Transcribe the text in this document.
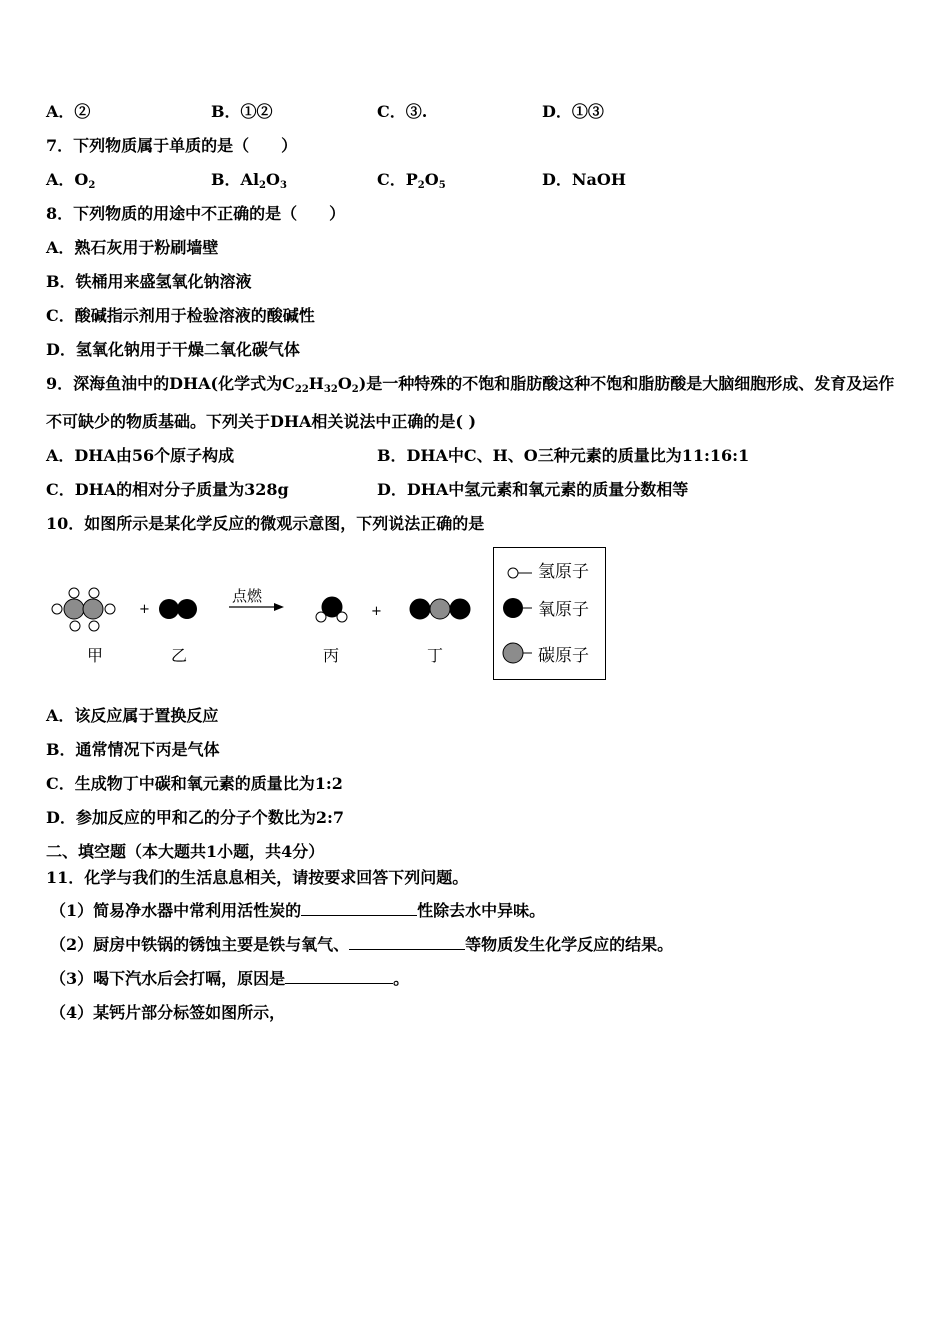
A．②	B．①②	C．③.	D．①③
7．下列物质属于单质的是（　　）
A．$O_2$	B．$Al_2O_3$	C．$P_2O_5$	D．NaOH
8．下列物质的用途中不正确的是（　　）
A．熟石灰用于粉刷墙壁
B．铁桶用来盛氢氧化钠溶液
C．酸碱指示剂用于检验溶液的酸碱性
D．氢氧化钠用于干燥二氧化碳气体
9．深海鱼油中的DHA(化学式为$C_{22}H_{32}O_2$)是一种特殊的不饱和脂肪酸这种不饱和脂肪酸是大脑细胞形成、发育及运作
不可缺少的物质基础。下列关于DHA相关说法中正确的是( )
A．DHA由56个原子构成	B．DHA中C、H、O三种元素的质量比为11:16:1
C．DHA的相对分子质量为328g	D．DHA中氢元素和氧元素的质量分数相等
10．如图所示是某化学反应的微观示意图，下列说法正确的是
+
点燃
+
甲	乙	丙	丁
氢原子
氧原子
碳原子
A．该反应属于置换反应
B．通常情况下丙是气体
C．生成物丁中碳和氧元素的质量比为1:2
D．参加反应的甲和乙的分子个数比为2:7
二、填空题（本大题共1小题，共4分）
11．化学与我们的生活息息相关，请按要求回答下列问题。
（1）简易净水器中常利用活性炭的	性除去水中异味。
（2）厨房中铁锅的锈蚀主要是铁与氧气、	等物质发生化学反应的结果。
（3）喝下汽水后会打嗝，原因是	。
（4）某钙片部分标签如图所示，
